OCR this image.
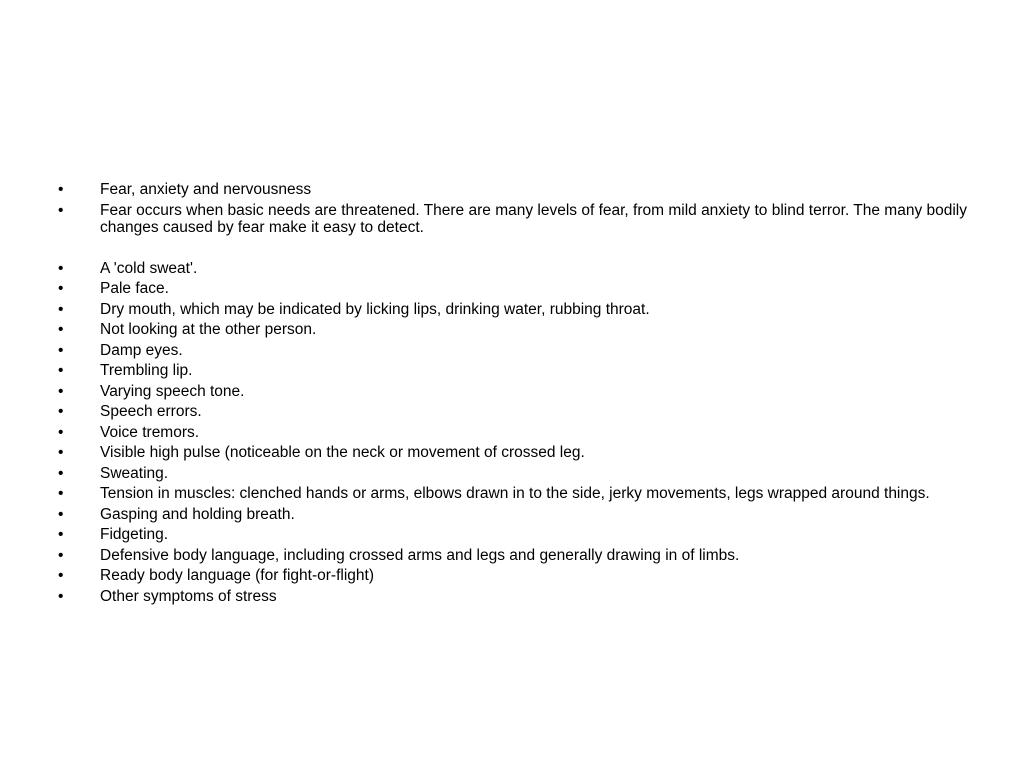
•	Fear, anxiety and nervousness
•	Fear occurs when basic needs are threatened. There are many levels of fear, from mild anxiety to blind terror. The many bodily changes caused by fear make it easy to detect.
•	A 'cold sweat'.
•	Pale face.
•	Dry mouth, which may be indicated by licking lips, drinking water, rubbing throat.
•	Not looking at the other person.
•	Damp eyes.
•	Trembling lip.
•	Varying speech tone.
•	Speech errors.
•	Voice tremors.
•	Visible high pulse (noticeable on the neck or movement of crossed leg.
•	Sweating.
•	Tension in muscles: clenched hands or arms, elbows drawn in to the side, jerky movements, legs wrapped around things.
•	Gasping and holding breath.
•	Fidgeting.
•	Defensive body language, including crossed arms and legs and generally drawing in of limbs.
•	Ready body language (for fight-or-flight)
•	Other symptoms of stress
